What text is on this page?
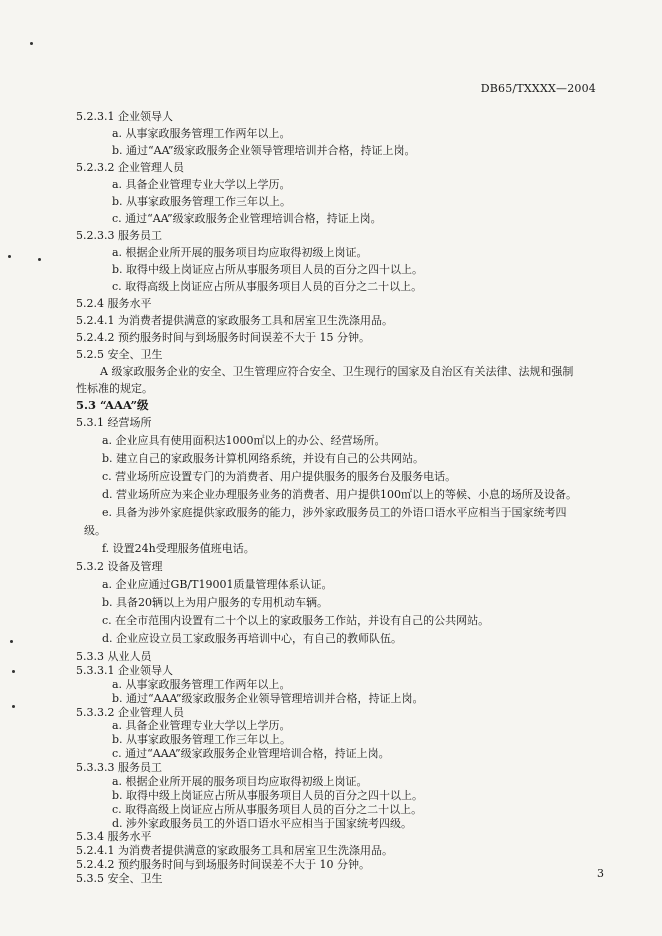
DB65/TXXXX—2004
5.2.3.1 企业领导人
a. 从事家政服务管理工作两年以上。
b. 通过“AA”级家政服务企业领导管理培训并合格，持证上岗。
5.2.3.2 企业管理人员
a. 具备企业管理专业大学以上学历。
b. 从事家政服务管理工作三年以上。
c. 通过“AA”级家政服务企业管理培训合格，持证上岗。
5.2.3.3 服务员工
a. 根据企业所开展的服务项目均应取得初级上岗证。
b. 取得中级上岗证应占所从事服务项目人员的百分之四十以上。
c. 取得高级上岗证应占所从事服务项目人员的百分之二十以上。
5.2.4 服务水平
5.2.4.1 为消费者提供满意的家政服务工具和居室卫生洗涤用品。
5.2.4.2 预约服务时间与到场服务时间误差不大于 15 分钟。
5.2.5 安全、卫生
A 级家政服务企业的安全、卫生管理应符合安全、卫生现行的国家及自治区有关法律、法规和强制
性标准的规定。
5.3 “AAA”级
5.3.1 经营场所
a. 企业应具有使用面积达1000㎡以上的办公、经营场所。
b. 建立自己的家政服务计算机网络系统，并设有自己的公共网站。
c. 营业场所应设置专门的为消费者、用户提供服务的服务台及服务电话。
d. 营业场所应为来企业办理服务业务的消费者、用户提供100㎡以上的等候、小息的场所及设备。
e. 具备为涉外家庭提供家政服务的能力，涉外家政服务员工的外语口语水平应相当于国家统考四
级。
f. 设置24h受理服务值班电话。
5.3.2 设备及管理
a. 企业应通过GB/T19001质量管理体系认证。
b. 具备20辆以上为用户服务的专用机动车辆。
c. 在全市范围内设置有二十个以上的家政服务工作站，并设有自己的公共网站。
d. 企业应设立员工家政服务再培训中心，有自己的教师队伍。
5.3.3 从业人员
5.3.3.1 企业领导人
a. 从事家政服务管理工作两年以上。
b. 通过“AAA”级家政服务企业领导管理培训并合格，持证上岗。
5.3.3.2 企业管理人员
a. 具备企业管理专业大学以上学历。
b. 从事家政服务管理工作三年以上。
c. 通过“AAA”级家政服务企业管理培训合格，持证上岗。
5.3.3.3 服务员工
a. 根据企业所开展的服务项目均应取得初级上岗证。
b. 取得中级上岗证应占所从事服务项目人员的百分之四十以上。
c. 取得高级上岗证应占所从事服务项目人员的百分之二十以上。
d. 涉外家政服务员工的外语口语水平应相当于国家统考四级。
5.3.4 服务水平
5.2.4.1 为消费者提供满意的家政服务工具和居室卫生洗涤用品。
5.2.4.2 预约服务时间与到场服务时间误差不大于 10 分钟。
5.3.5 安全、卫生	3
